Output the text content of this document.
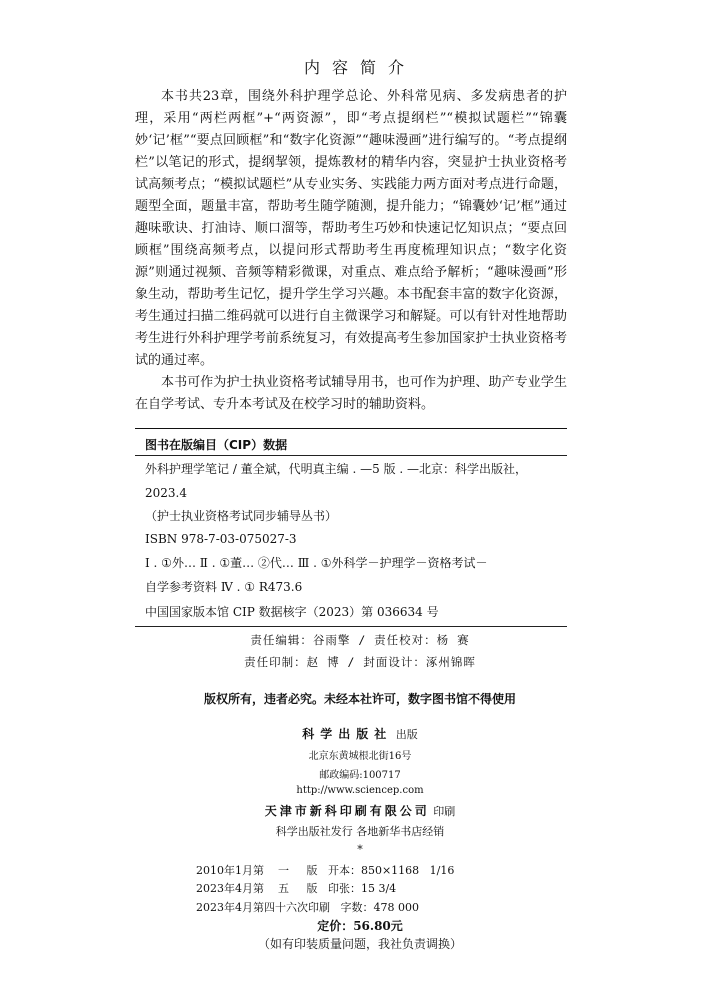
内容简介

本书共23章，围绕外科护理学总论、外科常见病、多发病患者的护理，采用“两栏两框”+“两资源”，即“考点提纲栏”“模拟试题栏”“锦囊妙‘记’框”“要点回顾框”和“数字化资源”“趣味漫画”进行编写的。“考点提纲栏”以笔记的形式，提纲挈领，提炼教材的精华内容，突显护士执业资格考试高频考点；“模拟试题栏”从专业实务、实践能力两方面对考点进行命题，题型全面，题量丰富，帮助考生随学随测，提升能力；“锦囊妙‘记’框”通过趣味歌诀、打油诗、顺口溜等，帮助考生巧妙和快速记忆知识点；“要点回顾框”围绕高频考点，以提问形式帮助考生再度梳理知识点；“数字化资源”则通过视频、音频等精彩微课，对重点、难点给予解析；“趣味漫画”形象生动，帮助考生记忆，提升学生学习兴趣。本书配套丰富的数字化资源，考生通过扫描二维码就可以进行自主微课学习和解疑。可以有针对性地帮助考生进行外科护理学考前系统复习，有效提高考生参加国家护士执业资格考试的通过率。

本书可作为护士执业资格考试辅导用书，也可作为护理、助产专业学生在自学考试、专升本考试及在校学习时的辅助资料。

图书在版编目（CIP）数据
外科护理学笔记 / 董全斌，代明真主编 . —5 版 . —北京：科学出版社，
2023.4
（护士执业资格考试同步辅导丛书）
ISBN 978-7-03-075027-3
Ⅰ . ①外… Ⅱ . ①董… ②代… Ⅲ . ①外科学－护理学－资格考试－
自学参考资料 Ⅳ . ① R473.6
中国国家版本馆 CIP 数据核字（2023）第 036634 号
责任编辑：谷雨擎 / 责任校对：杨 赛
责任印制：赵 博 / 封面设计：涿州锦晖
版权所有，违者必究。未经本社许可，数字图书馆不得使用
科学出版社 出版
北京东黄城根北街16号
邮政编码:100717
http://www.sciencep.com
天津市新科印刷有限公司 印刷
科学出版社发行 各地新华书店经销
*
2010年1月第    一     版   开本：850×1168   1/16
2023年4月第    五     版   印张：15 3/4
2023年4月第四十六次印刷   字数：478 000
定价：56.80元
（如有印装质量问题，我社负责调换）
